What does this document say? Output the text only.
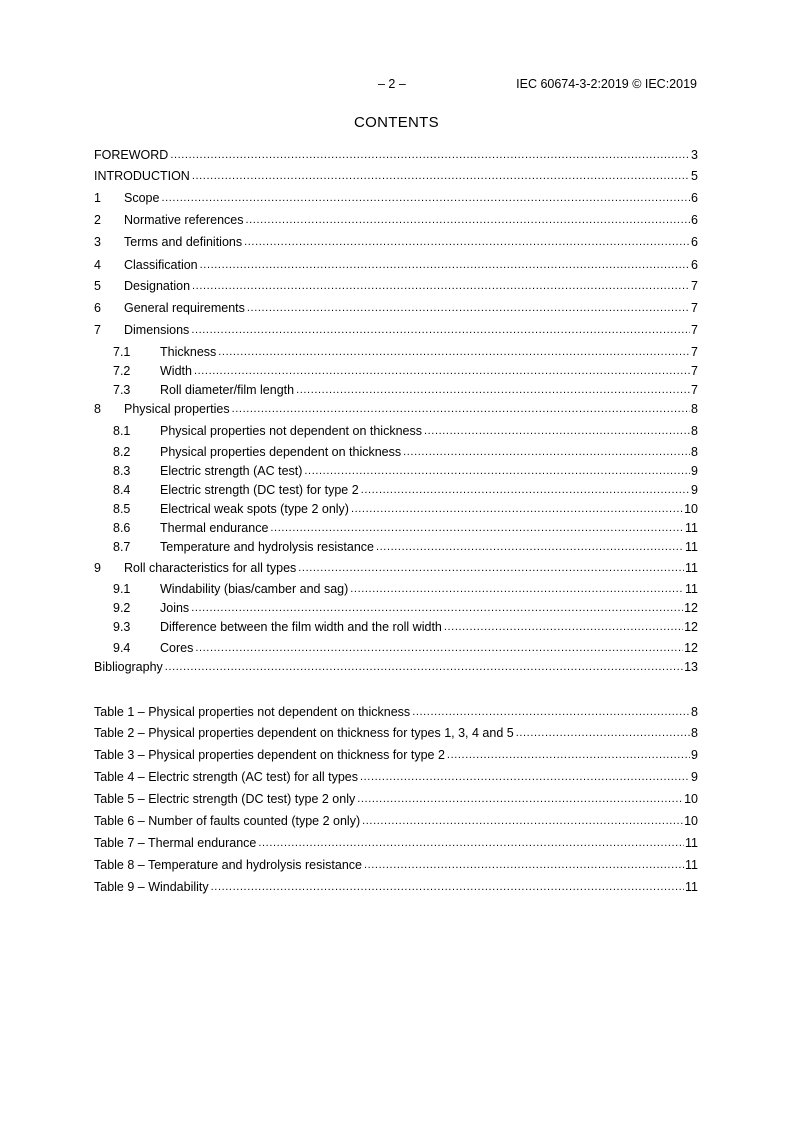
– 2 –	IEC 60674-3-2:2019 © IEC:2019
CONTENTS
FOREWORD .....	3
INTRODUCTION .....	5
1	Scope .....	6
2	Normative references .....	6
3	Terms and definitions .....	6
4	Classification .....	6
5	Designation .....	7
6	General requirements .....	7
7	Dimensions .....	7
7.1	Thickness .....	7
7.2	Width .....	7
7.3	Roll diameter/film length .....	7
8	Physical properties .....	8
8.1	Physical properties not dependent on thickness .....	8
8.2	Physical properties dependent on thickness .....	8
8.3	Electric strength (AC test) .....	9
8.4	Electric strength (DC test) for type 2 .....	9
8.5	Electrical weak spots (type 2 only) .....	10
8.6	Thermal endurance .....	11
8.7	Temperature and hydrolysis resistance .....	11
9	Roll characteristics for all types .....	11
9.1	Windability (bias/camber and sag) .....	11
9.2	Joins .....	12
9.3	Difference between the film width and the roll width .....	12
9.4	Cores .....	12
Bibliography .....	13
Table 1 – Physical properties not dependent on thickness .....	8
Table 2 – Physical properties dependent on thickness for types 1, 3, 4 and 5 .....	8
Table 3 – Physical properties dependent on thickness for type 2 .....	9
Table 4 – Electric strength (AC test) for all types .....	9
Table 5 – Electric strength (DC test) type 2 only .....	10
Table 6 – Number of faults counted (type 2 only) .....	10
Table 7 – Thermal endurance .....	11
Table 8 – Temperature and hydrolysis resistance .....	11
Table 9 – Windability .....	11
